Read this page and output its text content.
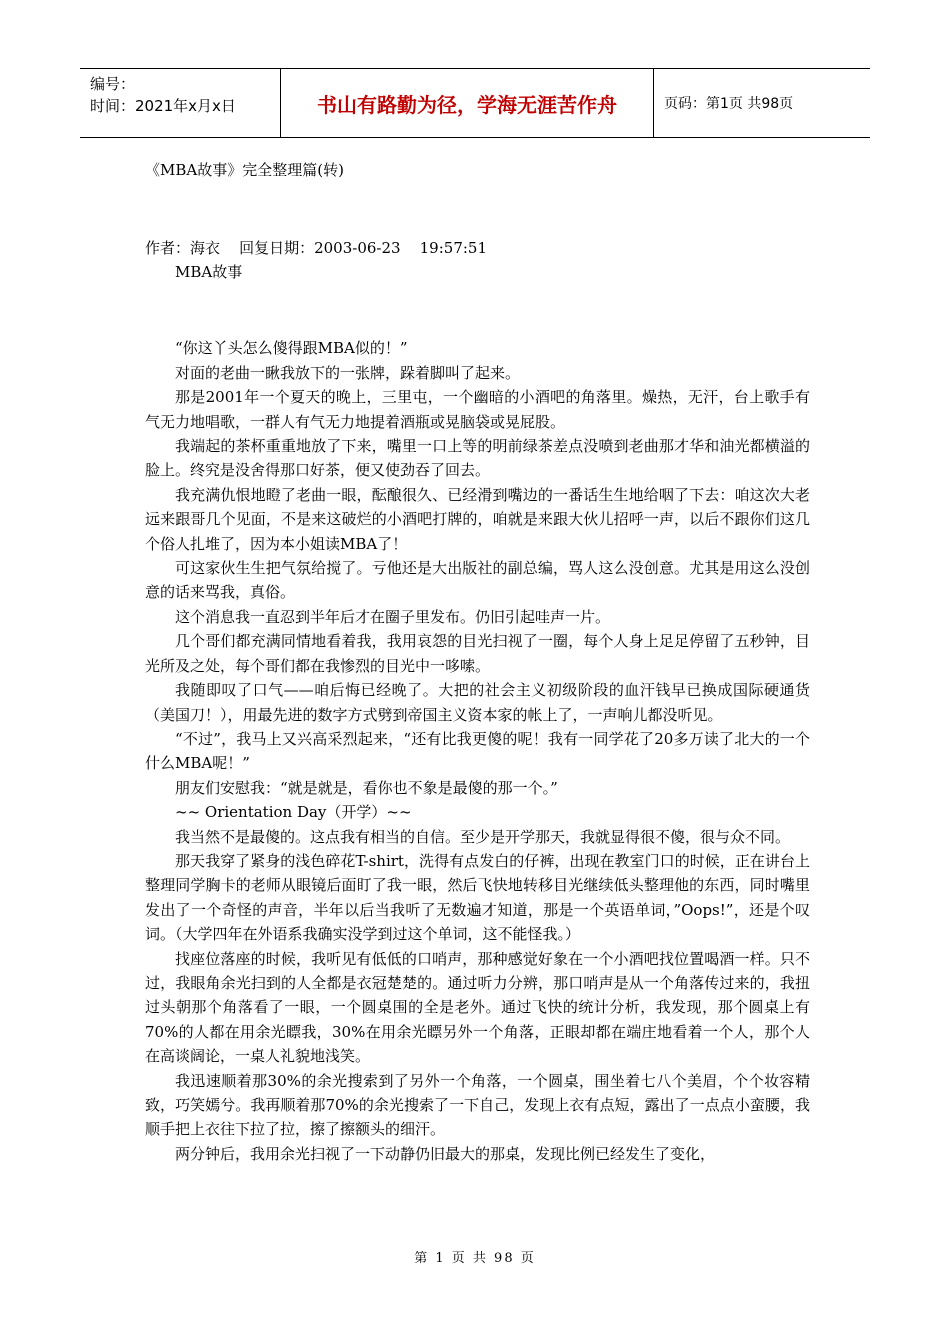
编号：
时间：2021年x月x日	书山有路勤为径，学海无涯苦作舟	页码：第1页 共98页
《MBA故事》完全整理篇(转)
作者：海衣    回复日期：2003-06-23    19:57:51

MBA故事

“你这丫头怎么傻得跟MBA似的！”

对面的老曲一瞅我放下的一张牌，跺着脚叫了起来。

那是2001年一个夏天的晚上，三里屯，一个幽暗的小酒吧的角落里。燥热，无汗，台上歌手有气无力地唱歌，一群人有气无力地提着酒瓶或晃脑袋或晃屁股。

我端起的茶杯重重地放了下来，嘴里一口上等的明前绿茶差点没喷到老曲那才华和油光都横溢的脸上。终究是没舍得那口好茶，便又使劲吞了回去。

我充满仇恨地瞪了老曲一眼，酝酿很久、已经滑到嘴边的一番话生生地给咽了下去：咱这次大老远来跟哥几个见面，不是来这破烂的小酒吧打牌的，咱就是来跟大伙儿招呼一声，以后不跟你们这几个俗人扎堆了，因为本小姐读MBA了！

可这家伙生生把气氛给搅了。亏他还是大出版社的副总编，骂人这么没创意。尤其是用这么没创意的话来骂我，真俗。

这个消息我一直忍到半年后才在圈子里发布。仍旧引起哇声一片。

几个哥们都充满同情地看着我，我用哀怨的目光扫视了一圈，每个人身上足足停留了五秒钟，目光所及之处，每个哥们都在我惨烈的目光中一哆嗦。

我随即叹了口气——咱后悔已经晚了。大把的社会主义初级阶段的血汗钱早已换成国际硬通货（美国刀！），用最先进的数字方式劈到帝国主义资本家的帐上了，一声响儿都没听见。

“不过”，我马上又兴高采烈起来，“还有比我更傻的呢！我有一同学花了20多万读了北大的一个什么MBA呢！”

朋友们安慰我：“就是就是，看你也不象是最傻的那一个。”

~~ Orientation Day（开学）~~

我当然不是最傻的。这点我有相当的自信。至少是开学那天，我就显得很不傻，很与众不同。

那天我穿了紧身的浅色碎花T-shirt，洗得有点发白的仔裤，出现在教室门口的时候，正在讲台上整理同学胸卡的老师从眼镜后面盯了我一眼，然后飞快地转移目光继续低头整理他的东西，同时嘴里发出了一个奇怪的声音，半年以后当我听了无数遍才知道，那是一个英语单词，”Oops!”，还是个叹词。（大学四年在外语系我确实没学到过这个单词，这不能怪我。）

找座位落座的时候，我听见有低低的口哨声，那种感觉好象在一个小酒吧找位置喝酒一样。只不过，我眼角余光扫到的人全都是衣冠楚楚的。通过听力分辨，那口哨声是从一个角落传过来的，我扭过头朝那个角落看了一眼，一个圆桌围的全是老外。通过飞快的统计分析，我发现，那个圆桌上有70%的人都在用余光瞟我，30%在用余光瞟另外一个角落，正眼却都在端庄地看着一个人，那个人在高谈阔论，一桌人礼貌地浅笑。

我迅速顺着那30%的余光搜索到了另外一个角落，一个圆桌，围坐着七八个美眉，个个妆容精致，巧笑嫣兮。我再顺着那70%的余光搜索了一下自己，发现上衣有点短，露出了一点点小蛮腰，我顺手把上衣往下拉了拉，擦了擦额头的细汗。

两分钟后，我用余光扫视了一下动静仍旧最大的那桌，发现比例已经发生了变化，

第 1 页 共 98 页
